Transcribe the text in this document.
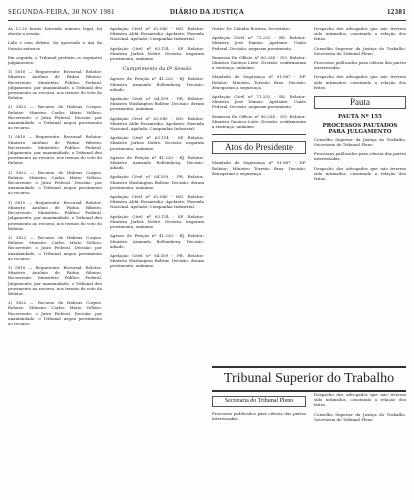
SEGUNDA-FEIRA, 30 NOV 1981	DIÁRIO DA JUSTIÇA	12381

As 12,20 horas, havendo número legal, foi aberta a sessão.

Lida e sem debate, foi aprovada a Ata da Sessão anterior.

Em seguida, o Tribunal proferiu os seguintes julgamentos:

1) 5810 — Requerente: Recursal: Relator: Ministro Antônio de Pádua Ribeiro. Recorrente: Ministério Público Federal. Julgamento: por unanimidade, o Tribunal deu provimento ao recurso, nos termos do voto do Relator.

2) 5822 — Recurso de Habeas Corpus. Relator: Ministro Carlos Mário Velloso. Recorrente: o Juízo Federal. Decisão: por unanimidade, o Tribunal negou provimento ao recurso.

1) 5810 — Requerente: Recursal: Relator: Ministro Antônio de Pádua Ribeiro. Recorrente: Ministério Público Federal. Julgamento: por unanimidade, o Tribunal deu provimento ao recurso, nos termos do voto do Relator.

2) 5822 — Recurso de Habeas Corpus. Relator: Ministro Carlos Mário Velloso. Recorrente: o Juízo Federal. Decisão: por unanimidade, o Tribunal negou provimento ao recurso.

1) 5810 — Requerente: Recursal: Relator: Ministro Antônio de Pádua Ribeiro. Recorrente: Ministério Público Federal. Julgamento: por unanimidade, o Tribunal deu provimento ao recurso, nos termos do voto do Relator.

2) 5822 — Recurso de Habeas Corpus. Relator: Ministro Carlos Mário Velloso. Recorrente: o Juízo Federal. Decisão: por unanimidade, o Tribunal negou provimento ao recurso.

1) 5810 — Requerente: Recursal: Relator: Ministro Antônio de Pádua Ribeiro. Recorrente: Ministério Público Federal. Julgamento: por unanimidade, o Tribunal deu provimento ao recurso, nos termos do voto do Relator.

2) 5822 — Recurso de Habeas Corpus. Relator: Ministro Carlos Mário Velloso. Recorrente: o Juízo Federal. Decisão: por unanimidade, o Tribunal negou provimento ao recurso.

Apelação Cível nº 62.040 - MG. Relator: Ministro Aldir Passarinho. Apelante: Fazenda Nacional. Apelado: Companhia Industrial.

Apelação Cível nº 63.114 - SP. Relator: Ministro Jarbas Nobre. Decisão: negaram provimento, unânime.

Cumprimento da 6ª Sessão

Agravo de Petição nº 41.220 - RJ. Relator: Ministro Armando Rollemberg. Decisão: adiado.

Apelação Cível nº 64.559 - PR. Relator: Ministro Washington Bolívar. Decisão: deram provimento, unânime.

Apelação Cível nº 62.040 - MG. Relator: Ministro Aldir Passarinho. Apelante: Fazenda Nacional. Apelado: Companhia Industrial.

Apelação Cível nº 63.114 - SP. Relator: Ministro Jarbas Nobre. Decisão: negaram provimento, unânime.

Agravo de Petição nº 41.220 - RJ. Relator: Ministro Armando Rollemberg. Decisão: adiado.

Apelação Cível nº 64.559 - PR. Relator: Ministro Washington Bolívar. Decisão: deram provimento, unânime.

Apelação Cível nº 62.040 - MG. Relator: Ministro Aldir Passarinho. Apelante: Fazenda Nacional. Apelado: Companhia Industrial.

Apelação Cível nº 63.114 - SP. Relator: Ministro Jarbas Nobre. Decisão: negaram provimento, unânime.

Agravo de Petição nº 41.220 - RJ. Relator: Ministro Armando Rollemberg. Decisão: adiado.

Apelação Cível nº 64.559 - PR. Relator: Ministro Washington Bolívar. Decisão: deram provimento, unânime.

Outro: Dr. Cláudio Roseira, Secretário.

Apelação Cível nº 71.232 - RS. Relator: Ministro José Dantas. Apelante: União Federal. Decisão: negaram provimento.

Remessa Ex Officio nº 80.334 - GO. Relator: Ministro Gueiros Leite. Decisão: confirmaram a sentença, unânime.

Mandado de Segurança nº 91.887 - DF. Relator: Ministro Torreão Braz. Decisão: denegaram a segurança.

Apelação Cível nº 71.232 - RS. Relator: Ministro José Dantas. Apelante: União Federal. Decisão: negaram provimento.

Remessa Ex Officio nº 80.334 - GO. Relator: Ministro Gueiros Leite. Decisão: confirmaram a sentença, unânime.

Atos do Presidente

Mandado de Segurança nº 91.887 - DF. Relator: Ministro Torreão Braz. Decisão: denegaram a segurança.

Despacho dos advogados que não tiverem sido intimados, constando a relação dos feitos.

Conselho Superior da Justiça do Trabalho. Secretaria do Tribunal Pleno.

Processos publicados para ciência das partes interessadas.

Despacho dos advogados que não tiverem sido intimados, constando a relação dos feitos.

Pauta
PAUTA Nº 155
PROCESSOS PAUTADOS PARA JULGAMENTO

Conselho Superior da Justiça do Trabalho. Secretaria do Tribunal Pleno.

Processos publicados para ciência das partes interessadas.

Despacho dos advogados que não tiverem sido intimados, constando a relação dos feitos.

Tribunal Superior do Trabalho
Secretaria do Tribunal Pleno

Processos publicados para ciência das partes interessadas.

Despacho dos advogados que não tiverem sido intimados, constando a relação dos feitos.

Conselho Superior da Justiça do Trabalho. Secretaria do Tribunal Pleno.
